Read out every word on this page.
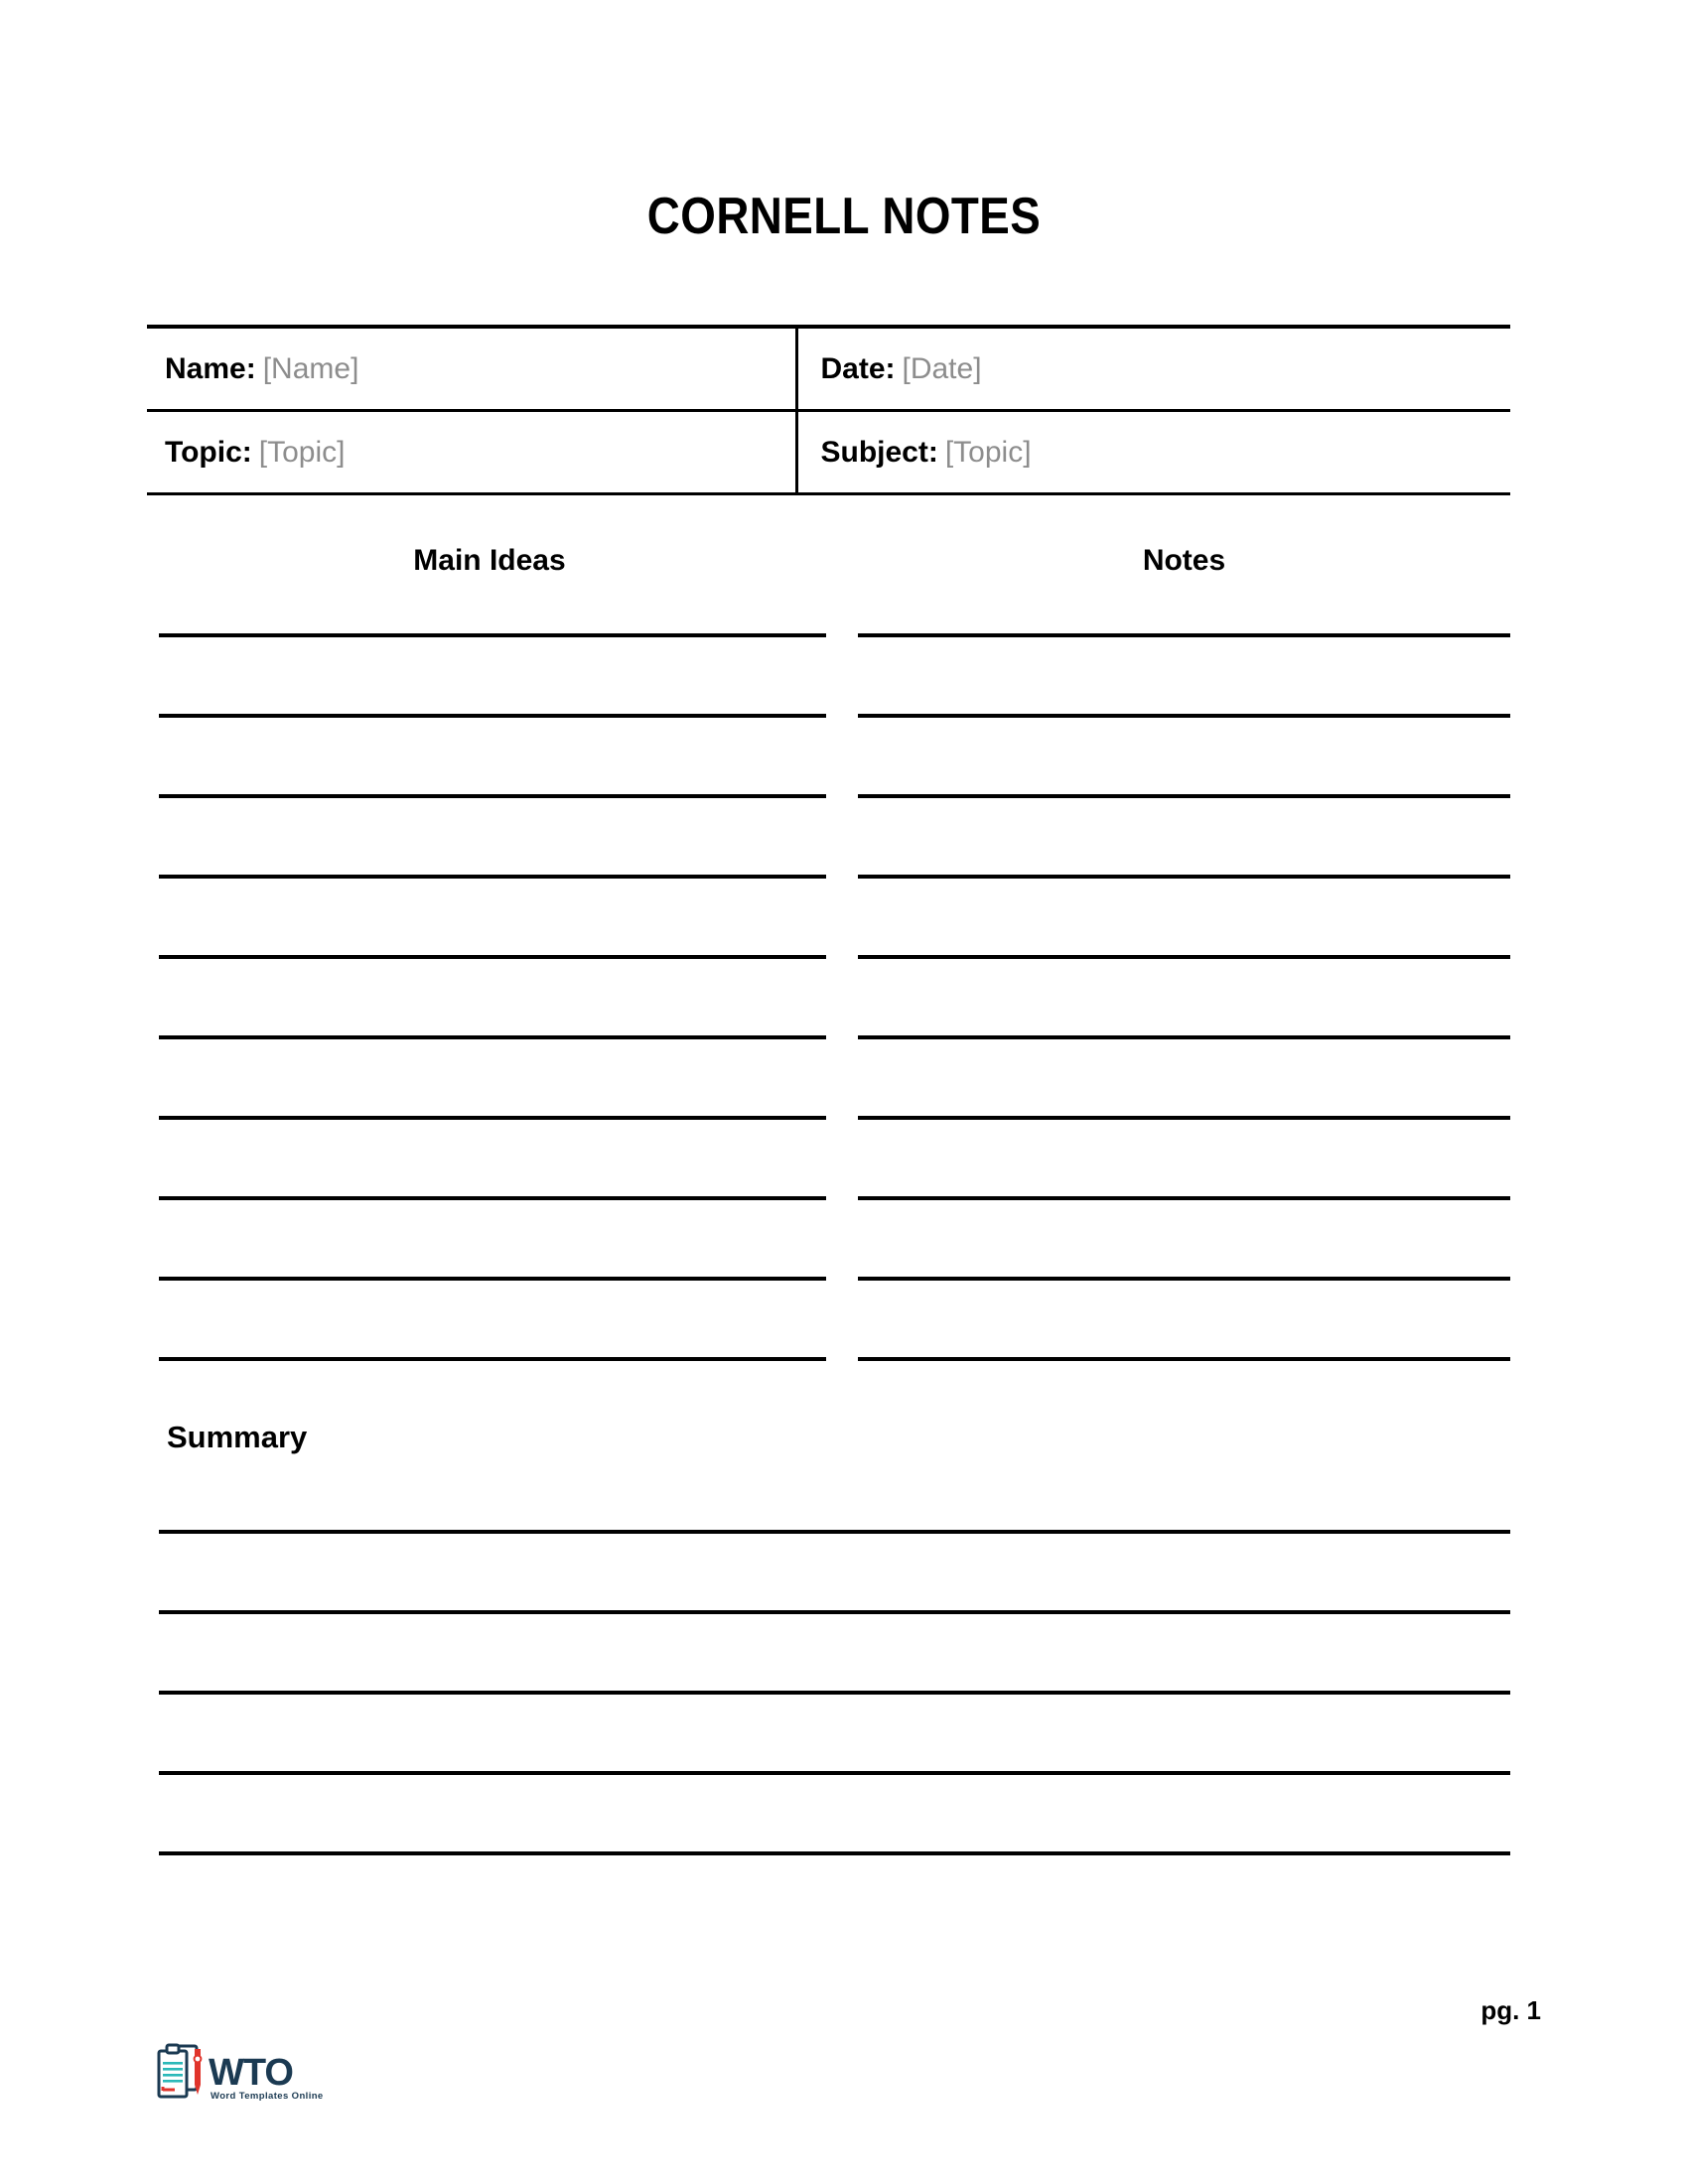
CORNELL NOTES
Name: [Name]	Date: [Date]
Topic: [Topic]	Subject: [Topic]
Main Ideas	Notes
Summary
pg. 1
WTO
Word Templates Online
